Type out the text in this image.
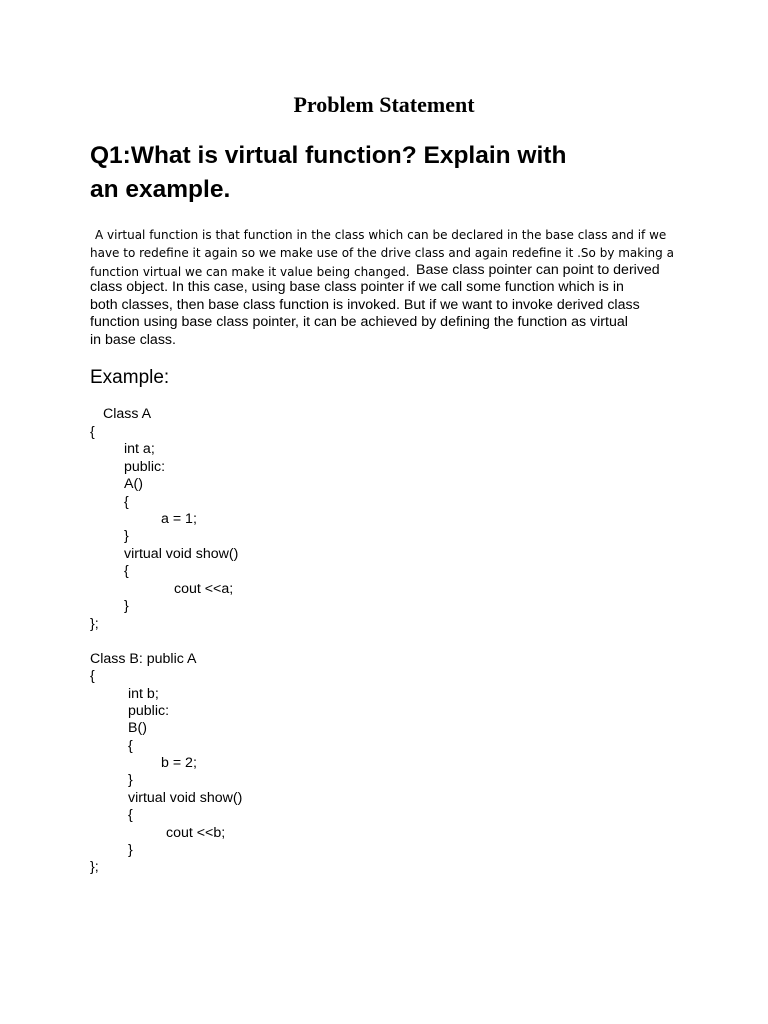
Problem Statement
Q1:What is virtual function? Explain with
an example.

A virtual function is that function in the class which can be declared in the base class and if we
have to redefine it again so we make use of the drive class and again redefine it .So by making a
function virtual we can make it value being changed. Base class pointer can point to derived
class object. In this case, using base class pointer if we call some function which is in
both classes, then base class function is invoked. But if we want to invoke derived class
function using base class pointer, it can be achieved by defining the function as virtual
in base class.

Example:

Class A

{

int a;

public:

A()

{

a = 1;

}

virtual void show()

{

cout <<a;

}

};

Class B: public A

{

int b;

public:

B()

{

b = 2;

}

virtual void show()

{

cout <<b;

}

};
